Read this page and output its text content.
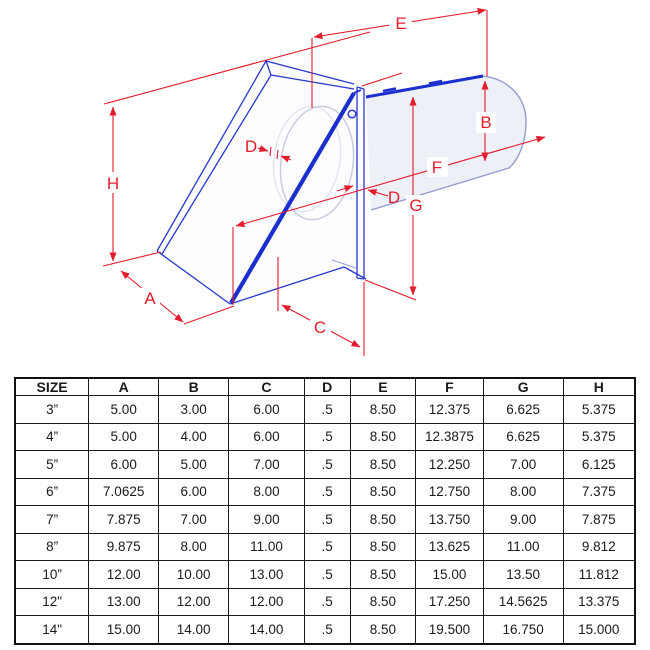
H
A
E
B
F
G
C
D
D
SIZE	A	B	C	D	E	F	G	H
3”	5.00	3.00	6.00	.5	8.50	12.375	6.625	5.375
4”	5.00	4.00	6.00	.5	8.50	12.3875	6.625	5.375
5”	6.00	5.00	7.00	.5	8.50	12.250	7.00	6.125
6”	7.0625	6.00	8.00	.5	8.50	12.750	8.00	7.375
7”	7.875	7.00	9.00	.5	8.50	13.750	9.00	7.875
8”	9.875	8.00	11.00	.5	8.50	13.625	11.00	9.812
10”	12.00	10.00	13.00	.5	8.50	15.00	13.50	11.812
12"	13.00	12.00	12.00	.5	8.50	17.250	14.5625	13.375
14"	15.00	14.00	14.00	.5	8.50	19.500	16.750	15.000
